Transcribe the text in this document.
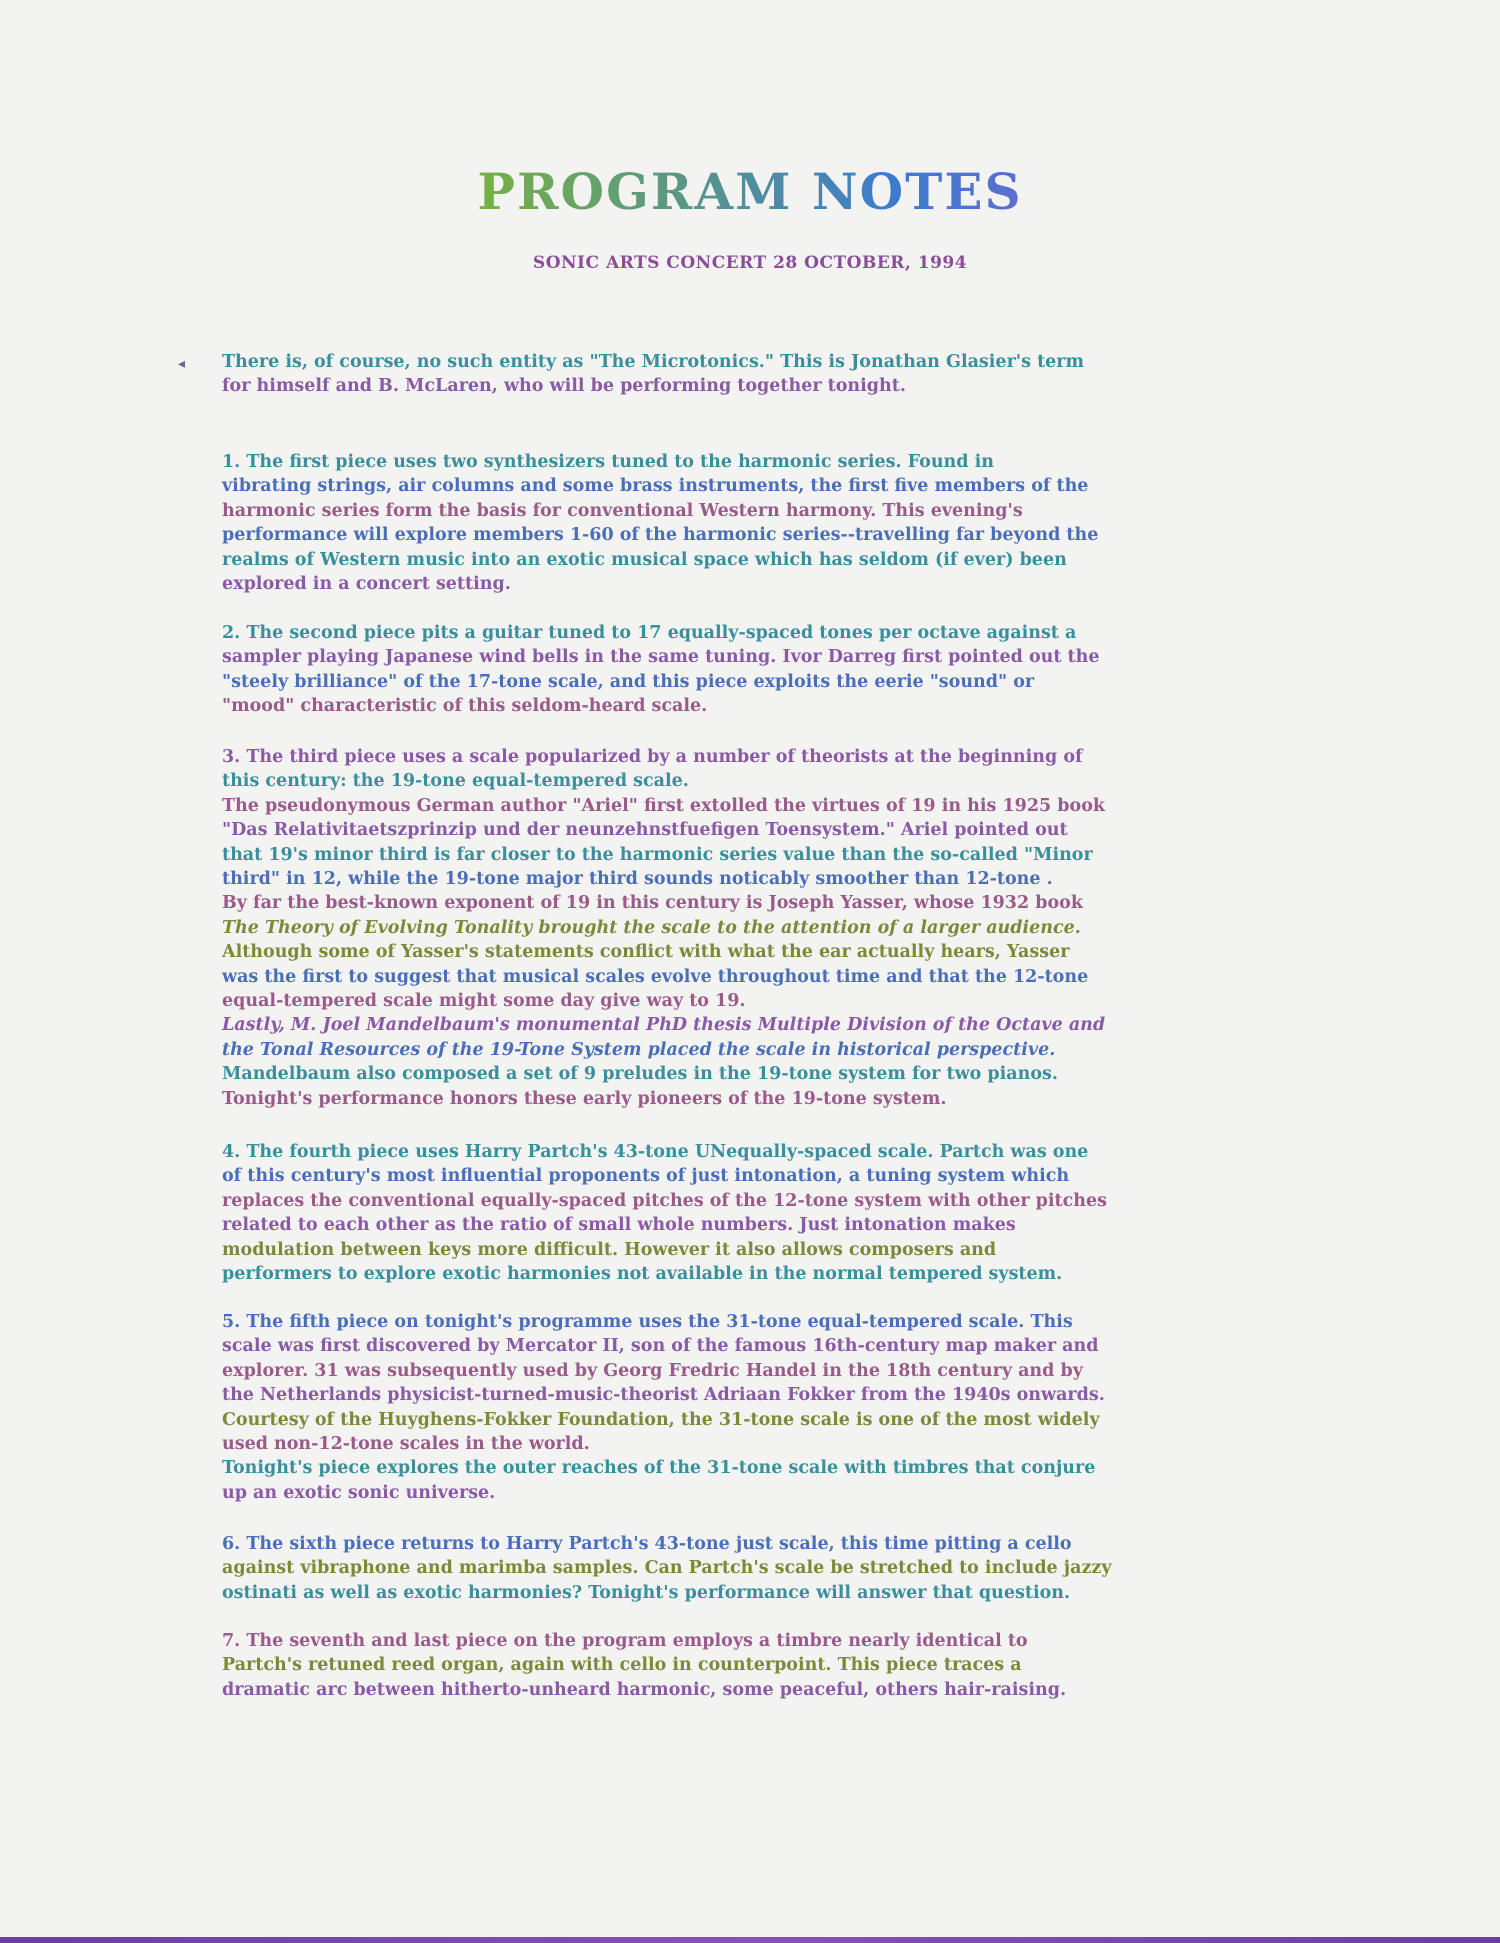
PROGRAM NOTES
SONIC ARTS CONCERT 28 OCTOBER, 1994
◂ There is, of course, no such entity as "The Microtonics." This is Jonathan Glasier's term

for himself and B. McLaren, who will be performing together tonight.

1. The first piece uses two synthesizers tuned to the harmonic series. Found in

vibrating strings, air columns and some brass instruments, the first five members of the

harmonic series form the basis for conventional Western harmony. This evening's

performance will explore members 1-60 of the harmonic series--travelling far beyond the

realms of Western music into an exotic musical space which has seldom (if ever) been

explored in a concert setting.

2. The second piece pits a guitar tuned to 17 equally-spaced tones per octave against a

sampler playing Japanese wind bells in the same tuning. Ivor Darreg first pointed out the

"steely brilliance" of the 17-tone scale, and this piece exploits the eerie "sound" or

"mood" characteristic of this seldom-heard scale.

3. The third piece uses a scale popularized by a number of theorists at the beginning of

this century: the 19-tone equal-tempered scale.

The pseudonymous German author "Ariel" first extolled the virtues of 19 in his 1925 book

"Das Relativitaetszprinzip und der neunzehnstfuefigen Toensystem." Ariel pointed out

that 19's minor third is far closer to the harmonic series value than the so-called "Minor

third" in 12, while the 19-tone major third sounds noticably smoother than 12-tone .

By far the best-known exponent of 19 in this century is Joseph Yasser, whose 1932 book

The Theory of Evolving Tonality brought the scale to the attention of a larger audience.

Although some of Yasser's statements conflict with what the ear actually hears, Yasser

was the first to suggest that musical scales evolve throughout time and that the 12-tone

equal-tempered scale might some day give way to 19.

Lastly, M. Joel Mandelbaum's monumental PhD thesis Multiple Division of the Octave and

the Tonal Resources of the 19-Tone System placed the scale in historical perspective.

Mandelbaum also composed a set of 9 preludes in the 19-tone system for two pianos.

Tonight's performance honors these early pioneers of the 19-tone system.

4. The fourth piece uses Harry Partch's 43-tone UNequally-spaced scale. Partch was one

of this century's most influential proponents of just intonation, a tuning system which

replaces the conventional equally-spaced pitches of the 12-tone system with other pitches

related to each other as the ratio of small whole numbers. Just intonation makes

modulation between keys more difficult. However it also allows composers and

performers to explore exotic harmonies not available in the normal tempered system.

5. The fifth piece on tonight's programme uses the 31-tone equal-tempered scale. This

scale was first discovered by Mercator II, son of the famous 16th-century map maker and

explorer. 31 was subsequently used by Georg Fredric Handel in the 18th century and by

the Netherlands physicist-turned-music-theorist Adriaan Fokker from the 1940s onwards.

Courtesy of the Huyghens-Fokker Foundation, the 31-tone scale is one of the most widely

used non-12-tone scales in the world.

Tonight's piece explores the outer reaches of the 31-tone scale with timbres that conjure

up an exotic sonic universe.

6. The sixth piece returns to Harry Partch's 43-tone just scale, this time pitting a cello

against vibraphone and marimba samples. Can Partch's scale be stretched to include jazzy

ostinati as well as exotic harmonies? Tonight's performance will answer that question.

7. The seventh and last piece on the program employs a timbre nearly identical to

Partch's retuned reed organ, again with cello in counterpoint. This piece traces a

dramatic arc between hitherto-unheard harmonic, some peaceful, others hair-raising.
